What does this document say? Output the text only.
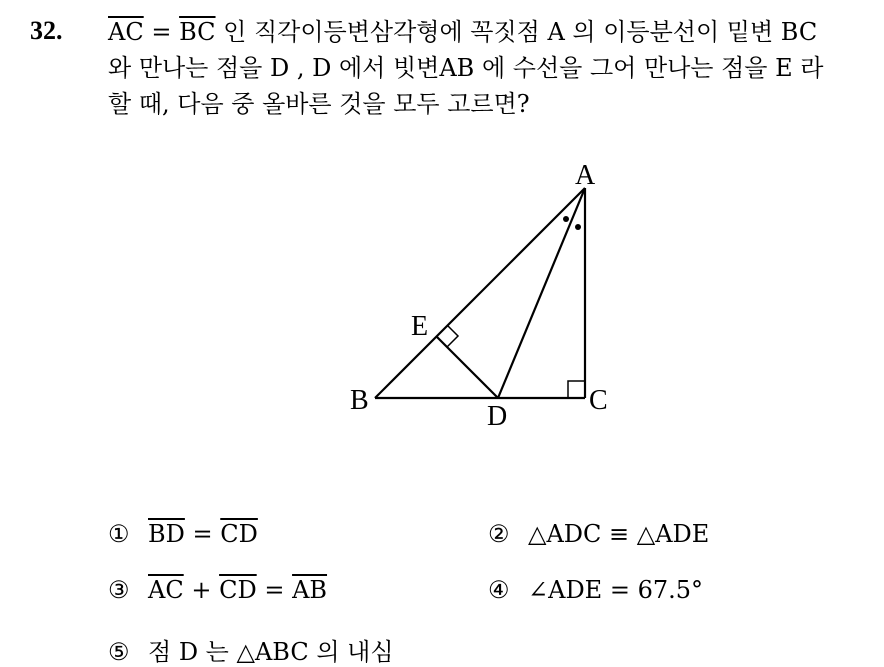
32. $\overline{AC} = \overline{BC}$ 인 직각이등변삼각형에 꼭짓점 A 의 이등분선이 밑변 BC
와 만나는 점을 D , D 에서 빗변AB 에 수선을 그어 만나는 점을 E 라
할 때, 다음 중 올바른 것을 모두 고르면?
A
B	C
D
E
① $\overline{BD} = \overline{CD}$	② △ADC ≡ △ADE
③ $\overline{AC} + \overline{CD} = \overline{AB}$	④ ∠ADE = 67.5°
⑤ 점 D 는 △ABC 의 내심
